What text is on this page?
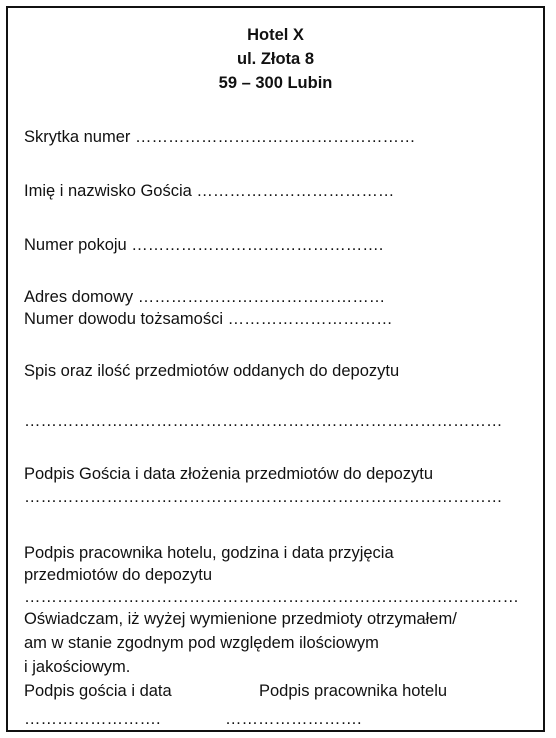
Hotel X
ul. Złota 8
59 – 300 Lubin
Skrytka numer ……………………………………………
Imię i nazwisko Gościa ………………………………
Numer pokoju ……………………………………….
Adres domowy ………………………………………
Numer dowodu tożsamości …………………………
Spis oraz ilość przedmiotów oddanych do depozytu
……………………………………………………………………………
Podpis Gościa i data złożenia przedmiotów do depozytu
……………………………………………………………………………
Podpis pracownika hotelu, godzina i data przyjęcia
przedmiotów do depozytu
………………………………………………………………………………
Oświadczam, iż wyżej wymienione przedmioty otrzymałem/
am w stanie zgodnym pod względem ilościowym
i jakościowym.
Podpis gościa i data	Podpis pracownika hotelu
…………………….	…………………….
